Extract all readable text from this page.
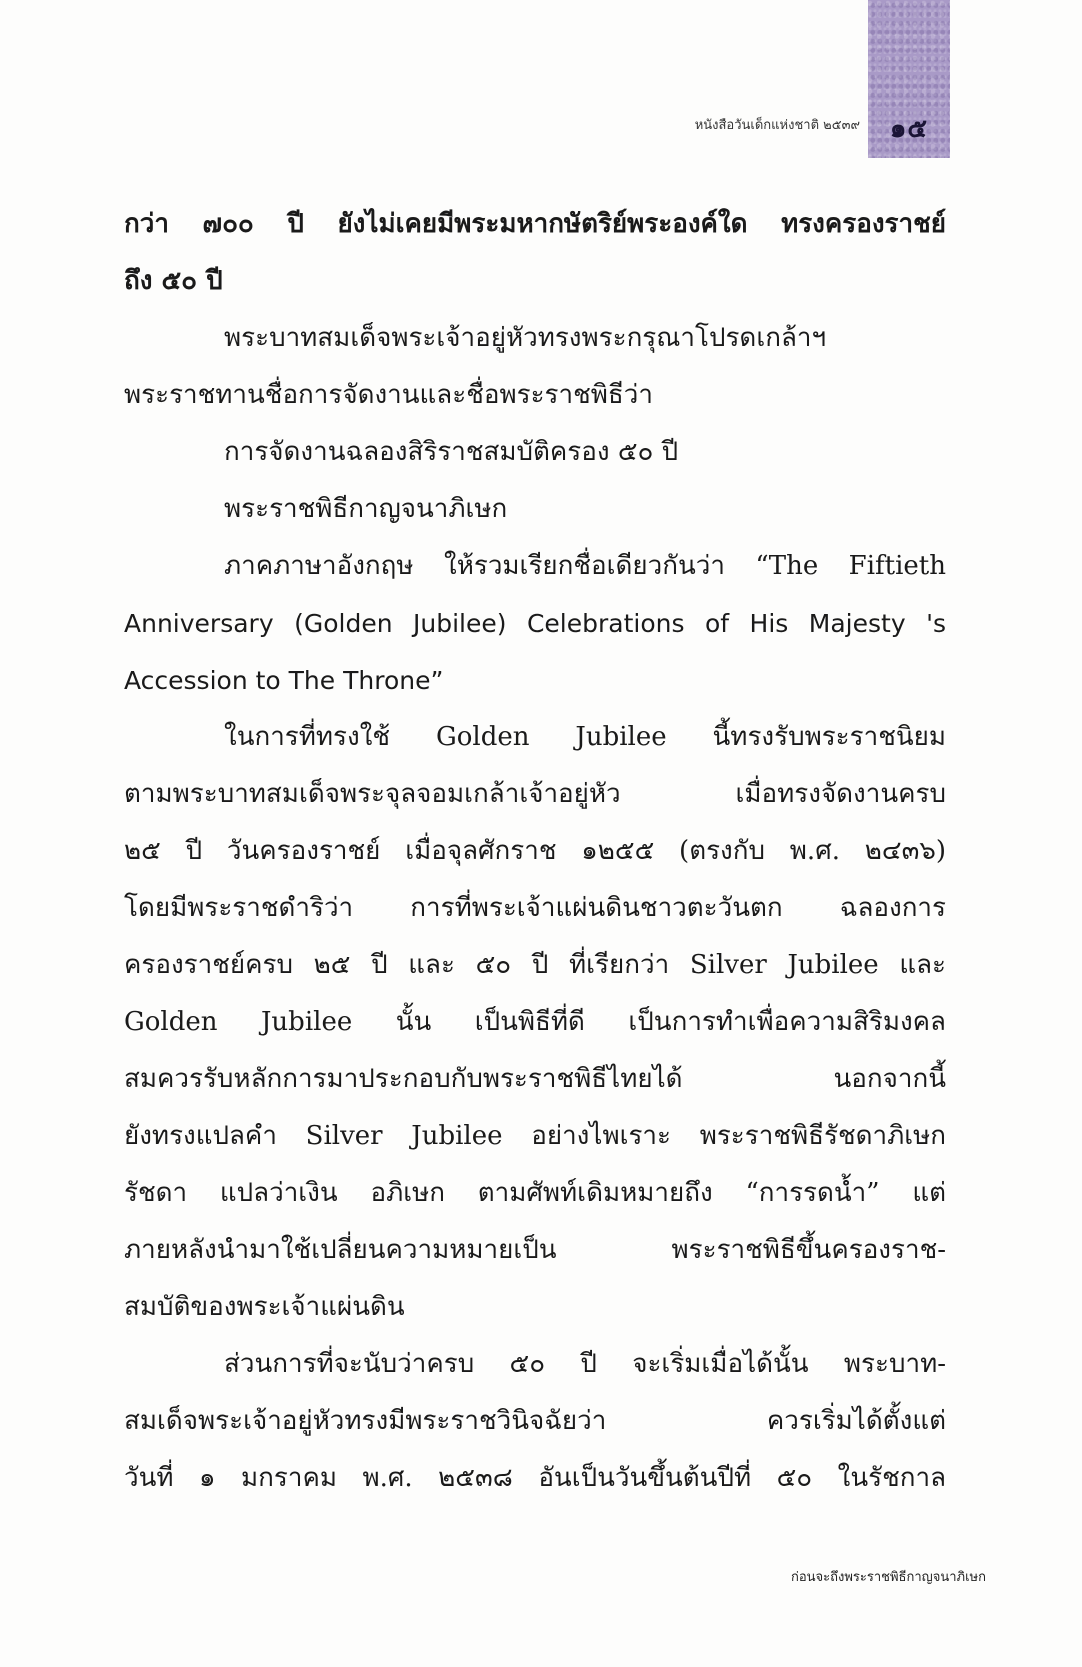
๑๕
หนังสือวันเด็กแห่งชาติ ๒๕๓๙
กว่า ๗๐๐ ปี ยังไม่เคยมีพระมหากษัตริย์พระองค์ใด ทรงครองราชย์
ถึง ๕๐ ปี
พระบาทสมเด็จพระเจ้าอยู่หัวทรงพระกรุณาโปรดเกล้าฯ
พระราชทานชื่อการจัดงานและชื่อพระราชพิธีว่า
การจัดงานฉลองสิริราชสมบัติครอง ๕๐ ปี
พระราชพิธีกาญจนาภิเษก
ภาคภาษาอังกฤษ ให้รวมเรียกชื่อเดียวกันว่า “The Fiftieth
Anniversary (Golden Jubilee) Celebrations of His Majesty 's
Accession to The Throne”
ในการที่ทรงใช้ Golden Jubilee นี้ทรงรับพระราชนิยม
ตามพระบาทสมเด็จพระจุลจอมเกล้าเจ้าอยู่หัว เมื่อทรงจัดงานครบ
๒๕ ปี วันครองราชย์ เมื่อจุลศักราช ๑๒๕๕ (ตรงกับ พ.ศ. ๒๔๓๖)
โดยมีพระราชดำริว่า การที่พระเจ้าแผ่นดินชาวตะวันตก ฉลองการ
ครองราชย์ครบ ๒๕ ปี และ ๕๐ ปี ที่เรียกว่า Silver Jubilee และ
Golden Jubilee นั้น เป็นพิธีที่ดี เป็นการทำเพื่อความสิริมงคล
สมควรรับหลักการมาประกอบกับพระราชพิธีไทยได้ นอกจากนี้
ยังทรงแปลคำ Silver Jubilee อย่างไพเราะ พระราชพิธีรัชดาภิเษก
รัชดา แปลว่าเงิน อภิเษก ตามศัพท์เดิมหมายถึง “การรดน้ำ” แต่
ภายหลังนำมาใช้เปลี่ยนความหมายเป็น พระราชพิธีขึ้นครองราช-
สมบัติของพระเจ้าแผ่นดิน
ส่วนการที่จะนับว่าครบ ๕๐ ปี จะเริ่มเมื่อได้นั้น พระบาท-
สมเด็จพระเจ้าอยู่หัวทรงมีพระราชวินิจฉัยว่า ควรเริ่มได้ตั้งแต่
วันที่ ๑ มกราคม พ.ศ. ๒๕๓๘ อันเป็นวันขึ้นต้นปีที่ ๕๐ ในรัชกาล
ก่อนจะถึงพระราชพิธีกาญจนาภิเษก
